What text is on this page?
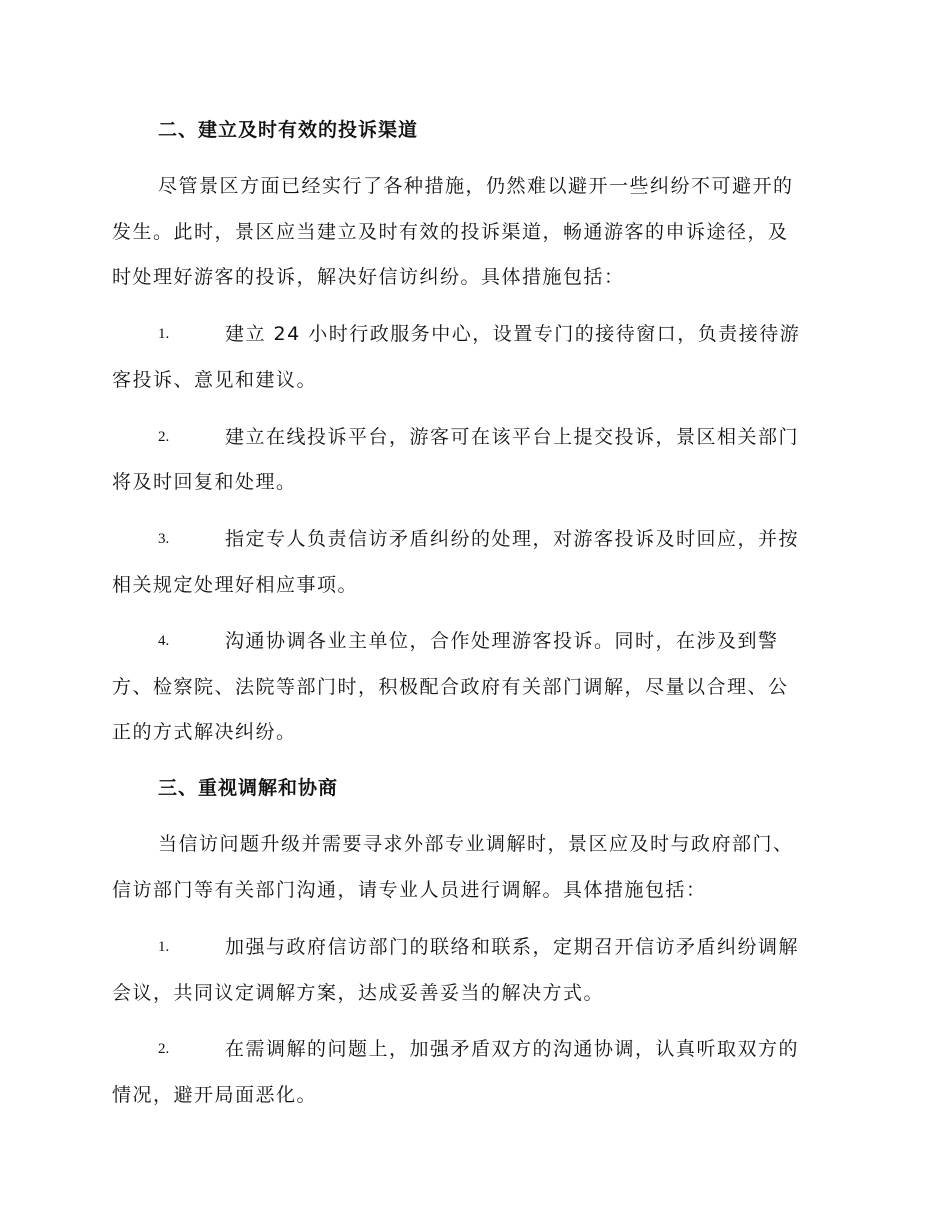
二、建立及时有效的投诉渠道
尽管景区方面已经实行了各种措施，仍然难以避开一些纠纷不可避开的
发生。此时，景区应当建立及时有效的投诉渠道，畅通游客的申诉途径，及
时处理好游客的投诉，解决好信访纠纷。具体措施包括：
1.	建立 24 小时行政服务中心，设置专门的接待窗口，负责接待游
客投诉、意见和建议。
2.	建立在线投诉平台，游客可在该平台上提交投诉，景区相关部门
将及时回复和处理。
3.	指定专人负责信访矛盾纠纷的处理，对游客投诉及时回应，并按
相关规定处理好相应事项。
4.	沟通协调各业主单位，合作处理游客投诉。同时，在涉及到警
方、检察院、法院等部门时，积极配合政府有关部门调解，尽量以合理、公
正的方式解决纠纷。
三、重视调解和协商
当信访问题升级并需要寻求外部专业调解时，景区应及时与政府部门、
信访部门等有关部门沟通，请专业人员进行调解。具体措施包括：
1.	加强与政府信访部门的联络和联系，定期召开信访矛盾纠纷调解
会议，共同议定调解方案，达成妥善妥当的解决方式。
2.	在需调解的问题上，加强矛盾双方的沟通协调，认真听取双方的
情况，避开局面恶化。
